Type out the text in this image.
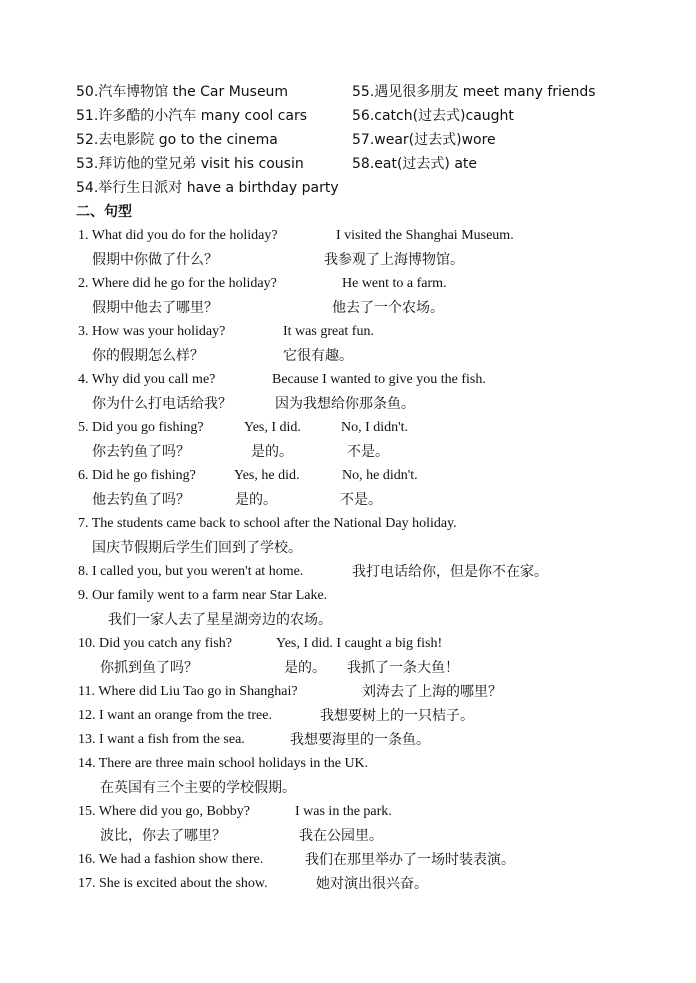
50.汽车博物馆 the Car Museum	55.遇见很多朋友 meet many friends
51.许多酷的小汽车 many cool cars	56.catch(过去式)caught
52.去电影院 go to the cinema	57.wear(过去式)wore
53.拜访他的堂兄弟 visit his cousin	58.eat(过去式) ate
54.举行生日派对 have a birthday party
二、句型
1. What did you do for the holiday?	I visited the Shanghai Museum.
假期中你做了什么？	我参观了上海博物馆。
2. Where did he go for the holiday?	He went to a farm.
假期中他去了哪里？	他去了一个农场。
3. How was your holiday?	It was great fun.
你的假期怎么样？	它很有趣。
4. Why did you call me?	Because I wanted to give you the fish.
你为什么打电话给我？	因为我想给你那条鱼。
5. Did you go fishing?	Yes, I did.	No, I didn't.
你去钓鱼了吗？	是的。	不是。
6. Did he go fishing?	Yes, he did.	No, he didn't.
他去钓鱼了吗？	是的。	不是。
7. The students came back to school after the National Day holiday.
国庆节假期后学生们回到了学校。
8. I called you, but you weren't at home.	我打电话给你，但是你不在家。
9. Our family went to a farm near Star Lake.
我们一家人去了星星湖旁边的农场。
10. Did you catch any fish?	Yes, I did. I caught a big fish!
你抓到鱼了吗？	是的。 我抓了一条大鱼！
11. Where did Liu Tao go in Shanghai?	刘涛去了上海的哪里？
12. I want an orange from the tree.	我想要树上的一只桔子。
13. I want a fish from the sea.	我想要海里的一条鱼。
14. There are three main school holidays in the UK.
在英国有三个主要的学校假期。
15. Where did you go, Bobby?	I was in the park.
波比，你去了哪里？	我在公园里。
16. We had a fashion show there.	我们在那里举办了一场时装表演。
17. She is excited about the show.	她对演出很兴奋。
